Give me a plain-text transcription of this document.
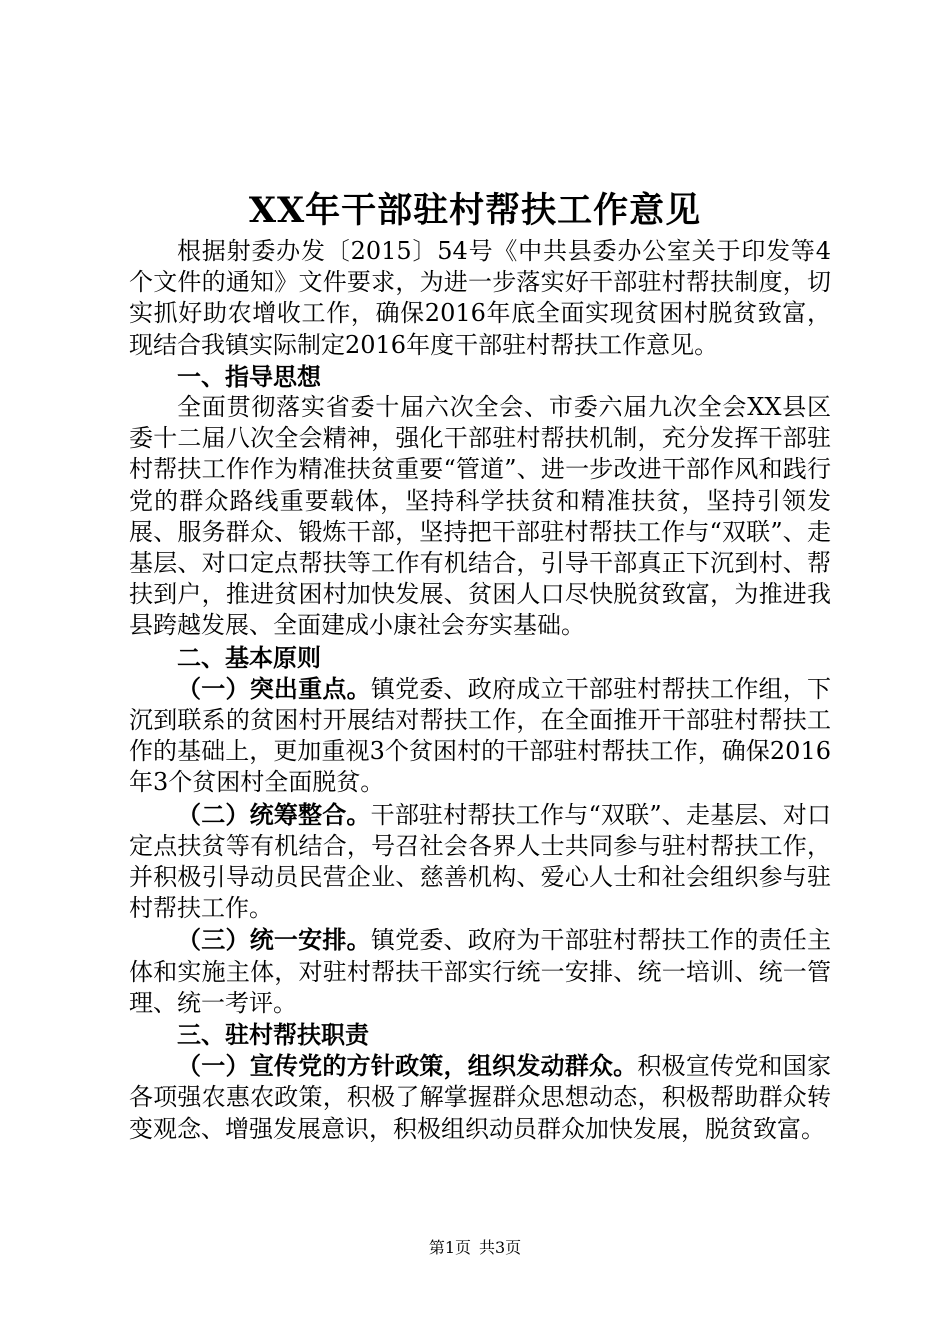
XX年干部驻村帮扶工作意见

根据射委办发〔2015〕54号《中共县委办公室关于印发等4个文件的通知》文件要求，为进一步落实好干部驻村帮扶制度，切实抓好助农增收工作，确保2016年底全面实现贫困村脱贫致富，现结合我镇实际制定2016年度干部驻村帮扶工作意见。

一、指导思想

全面贯彻落实省委十届六次全会、市委六届九次全会XX县区委十二届八次全会精神，强化干部驻村帮扶机制，充分发挥干部驻村帮扶工作作为精准扶贫重要“管道”、进一步改进干部作风和践行党的群众路线重要载体，坚持科学扶贫和精准扶贫，坚持引领发展、服务群众、锻炼干部，坚持把干部驻村帮扶工作与“双联”、走基层、对口定点帮扶等工作有机结合，引导干部真正下沉到村、帮扶到户，推进贫困村加快发展、贫困人口尽快脱贫致富，为推进我县跨越发展、全面建成小康社会夯实基础。

二、基本原则

（一）突出重点。镇党委、政府成立干部驻村帮扶工作组，下沉到联系的贫困村开展结对帮扶工作，在全面推开干部驻村帮扶工作的基础上，更加重视3个贫困村的干部驻村帮扶工作，确保2016年3个贫困村全面脱贫。

（二）统筹整合。干部驻村帮扶工作与“双联”、走基层、对口定点扶贫等有机结合，号召社会各界人士共同参与驻村帮扶工作，并积极引导动员民营企业、慈善机构、爱心人士和社会组织参与驻村帮扶工作。

（三）统一安排。镇党委、政府为干部驻村帮扶工作的责任主体和实施主体，对驻村帮扶干部实行统一安排、统一培训、统一管理、统一考评。

三、驻村帮扶职责

（一）宣传党的方针政策，组织发动群众。积极宣传党和国家各项强农惠农政策，积极了解掌握群众思想动态，积极帮助群众转变观念、增强发展意识，积极组织动员群众加快发展，脱贫致富。

第1页 共3页
